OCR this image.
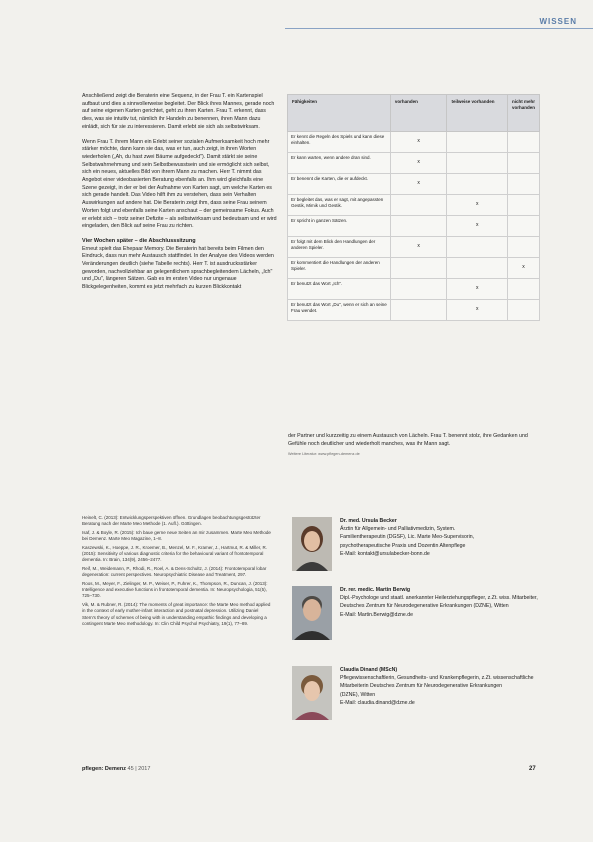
WISSEN

Anschließend zeigt die Beraterin eine Sequenz, in der Frau T. ein Kartenspiel aufbaut und dies a sinnvollerweise begleitet. Der Blick ihres Mannes, gerade noch auf seine eigenen Karten gerichtet, geht zu ihren Karten. Frau T. erkennt, dass dies, was sie intuitiv tut, nämlich ihr Handeln zu benennen, ihren Mann dazu einlädt, sich für sie zu interessieren. Damit erlebt sie sich als selbstwirksam.

Wenn Frau T. ihrem Mann ein Erlebt seiner sozialen Aufmerksamkeit hoch mehr stärker möchte, dann kann sie das, was er tun, auch zeigt, in ihren Worten wiederholen („Ah, du hast zwei Bäume aufgedeckt"). Damit stärkt sie seine Selbstwahrnehmung und sein Selbstbewusstsein und sie ermöglicht sich selbst, sich ein neues, aktuelles Bild von ihrem Mann zu machen. Herr T. nimmt das Angebot einer videobasierten Beratung ebenfalls an. Ihm wird gleichfalls eine Szene gezeigt, in der er bei der Aufnahme von Karten sagt, um welche Karten es sich gerade handelt. Das Video hilft ihm zu verstehen, dass sein Verhalten Auswirkungen auf andere hat. Die Beraterin zeigt ihm, dass seine Frau seinem Worten folgt und ebenfalls seine Karten anschaut – der gemeinsame Fokus. Auch er erlebt sich – trotz seiner Defizite – als selbstwirksam und bedeutsam und er wird eingeladen, den Blick auf seine Frau zu richten.

Vier Wochen später – die Abschlusssitzung

Erneut spielt das Ehepaar Memory. Die Beraterin hat bereits beim Filmen den Eindruck, dass nun mehr Austausch stattfindet. In der Analyse des Videos werden Veränderungen deutlich (siehe Tabelle rechts). Herr T. ist ausdrucksstärker geworden, nachvollziehbar an gelegentlichem sprachbegleitendem Lächeln, „Ich" und „Du", längeren Sätzen. Gab es im ersten Video nur ungenaue Blickgelegenheiten, kommt es jetzt mehrfach zu kurzen Blickkontakt

Fähigkeiten	vorhanden	teilweise vorhanden	nicht mehr vorhanden
Er kennt die Regeln des Spiels und kann diese einhalten.	x		
Er kann warten, wenn andere dran sind.	x		
Er benennt die Karten, die er aufdeckt.	x		
Er begleitet das, was er sagt, mit angepassten Gestik, Mimik und Gestik.		x	
Er spricht in ganzen Sätzen.		x	
Er folgt mit dem Blick den Handlungen der anderen Spieler.	x		
Er kommentiert die Handlungen der anderen Spieler.			x
Er benutzt das Wort „Ich".		x	
Er benutzt das Wort „Du", wenn er sich an seine Frau wendet.		x	

der Partner und kurzzeitig zu einem Austausch von Lächeln. Frau T. benennt stolz, ihre Gedanken und Gefühle noch deutlicher und wiederholt manches, was ihr Mann sagt.

Weitere Literatur: www.pflegen-demenz.de

Heinelt, C. (2013): Entwicklungsperspektiven öffnen. Grundlagen beobachtungsgestützter Beratung nach der Marte Meo Methode (1. Aufl.). Göttingen.

Isaf, J. & Boyle, R. (2015): Ich baue gerne neue Seiten an mir zusammen. Marte Meo Methode bei Demenz. Marte Meo Magazine, 1–8.

Kaszewski, K., Hoeppe, J. R., Kroemer, B., Menzel, M. F., Kramer, J., Hartmut, R. & Miller, R. (2015): Sensitivity of various diagnostic criteria for the behavioural variant of frontotemporal dementia. In: Brain, 134(9), 2456–2477.

Reif, M., Weidemann, P., Rhodi, R., Roel, A. & Dens-Schultz, J. (2014): Frontotemporal lobar degeneration: current perspectives. Neuropsychiatric Disease and Treatment, 297.

Roos, M., Meyer, F., Zielinger, M. P., Weiser, P., Fuhrer, K., Thompson, R., Duncan, J. (2013): Intelligence and executive functions in frontotemporal dementia. In: Neuropsychologia, 51(5), 725–730.

Vik, M. & Rubner, R. (2014): The moments of great importance: the Marte Meo method applied in the context of early mother-infant interaction and postnatal depression. Utilizing Daniel Stern's theory of schemes of being with in understanding empathic findings and developing a contingent Marte Meo methodology. In: Clin Child Psychol Psychiatry, 19(1), 77–89.

Dr. med. Ursula Becker
Ärztin für Allgemein- und Palliativmedizin, System.
Familientherapeutin (DGSF), Lic. Marte Meo-Supervisorin,
psychotherapeutische Praxis und Dozentin Altenpflege
E-Mail: kontakt@ursulabecker-bonn.de
Dr. rer. medic. Martin Berwig
Dipl.-Psychologe und staatl. anerkannter Heilerziehungspfleger, z.Zt. wiss. Mitarbeiter,
Deutsches Zentrum für Neurodegenerative Erkrankungen (DZNE), Witten
E-Mail: Martin.Berwig@dzne.de
Claudia Dinand (MScN)
Pflegewissenschaftlerin, Gesundheits- und Krankenpflegerin, z.Zt. wissenschaftliche Mitarbeiterin Deutsches Zentrum für Neurodegenerative Erkrankungen
(DZNE), Witten
E-Mail: claudia.dinand@dzne.de
pflegen: Demenz 45 | 2017	27
